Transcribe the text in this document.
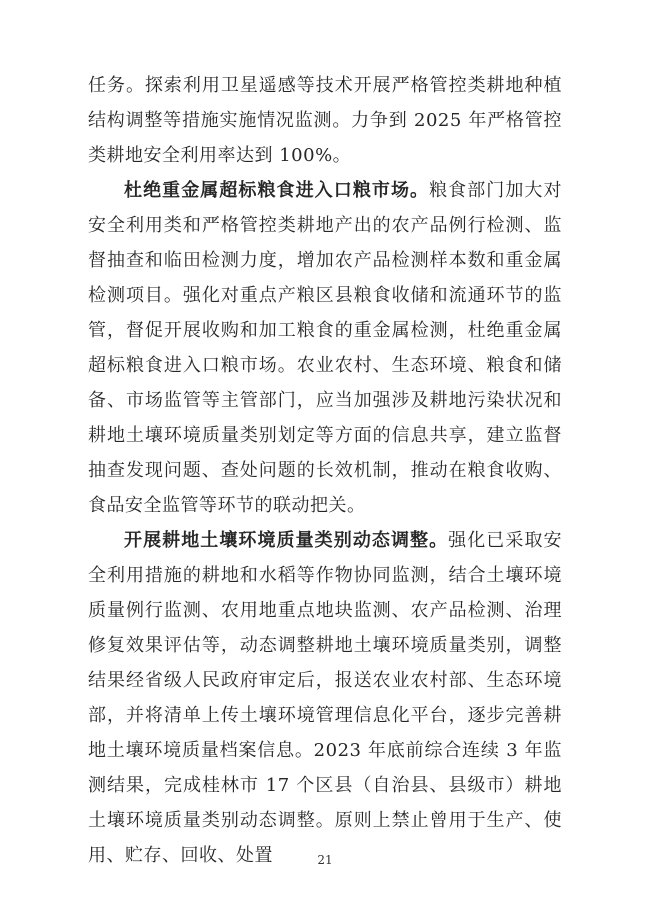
任务。探索利用卫星遥感等技术开展严格管控类耕地种植结构调整等措施实施情况监测。力争到 2025 年严格管控类耕地安全利用率达到 100%。

杜绝重金属超标粮食进入口粮市场。粮食部门加大对安全利用类和严格管控类耕地产出的农产品例行检测、监督抽查和临田检测力度，增加农产品检测样本数和重金属检测项目。强化对重点产粮区县粮食收储和流通环节的监管，督促开展收购和加工粮食的重金属检测，杜绝重金属超标粮食进入口粮市场。农业农村、生态环境、粮食和储备、市场监管等主管部门，应当加强涉及耕地污染状况和耕地土壤环境质量类别划定等方面的信息共享，建立监督抽查发现问题、查处问题的长效机制，推动在粮食收购、食品安全监管等环节的联动把关。

开展耕地土壤环境质量类别动态调整。强化已采取安全利用措施的耕地和水稻等作物协同监测，结合土壤环境质量例行监测、农用地重点地块监测、农产品检测、治理修复效果评估等，动态调整耕地土壤环境质量类别，调整结果经省级人民政府审定后，报送农业农村部、生态环境部，并将清单上传土壤环境管理信息化平台，逐步完善耕地土壤环境质量档案信息。2023 年底前综合连续 3 年监测结果，完成桂林市 17 个区县（自治县、县级市）耕地土壤环境质量类别动态调整。原则上禁止曾用于生产、使用、贮存、回收、处置	21
